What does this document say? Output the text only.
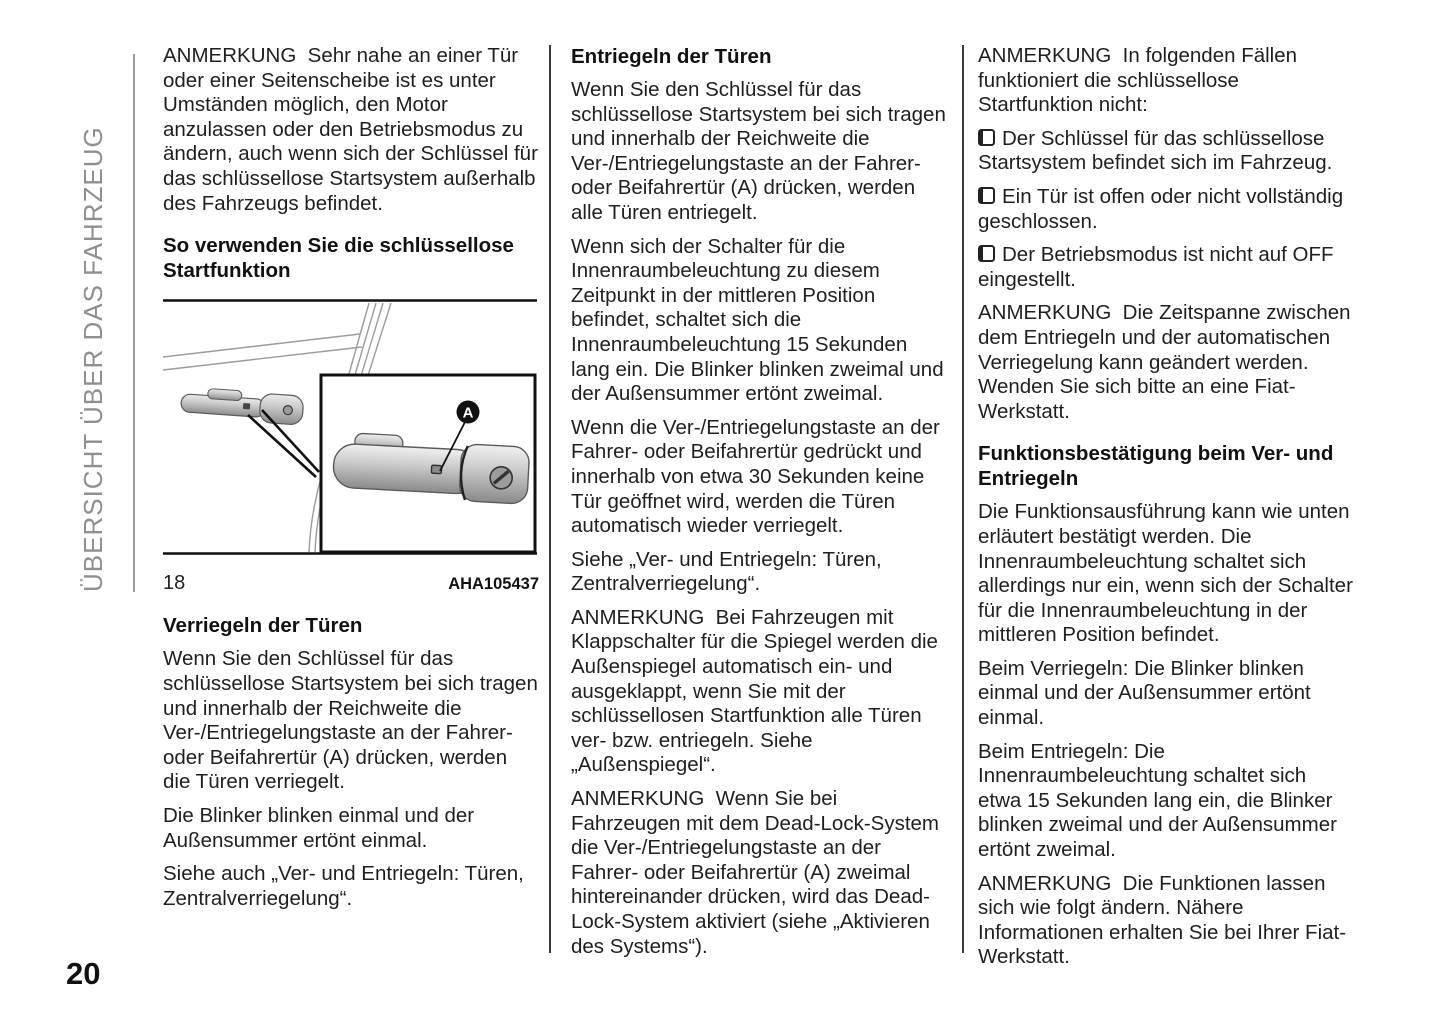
ÜBERSICHT ÜBER DAS FAHRZEUG

ANMERKUNG  Sehr nahe an einer Tür oder einer Seitenscheibe ist es unter Umständen möglich, den Motor anzulassen oder den Betriebsmodus zu ändern, auch wenn sich der Schlüssel für das schlüssellose Startsystem außerhalb des Fahrzeugs befindet.

So verwenden Sie die schlüssellose Startfunktion
A
18	AHA105437
Verriegeln der Türen

Wenn Sie den Schlüssel für das schlüssellose Startsystem bei sich tragen und innerhalb der Reichweite die Ver-/Entriegelungstaste an der Fahrer- oder Beifahrertür (A) drücken, werden die Türen verriegelt.

Die Blinker blinken einmal und der Außensummer ertönt einmal.

Siehe auch „Ver- und Entriegeln: Türen, Zentralverriegelung“.

Entriegeln der Türen

Wenn Sie den Schlüssel für das schlüssellose Startsystem bei sich tragen und innerhalb der Reichweite die Ver-/Entriegelungstaste an der Fahrer- oder Beifahrertür (A) drücken, werden alle Türen entriegelt.

Wenn sich der Schalter für die Innenraumbeleuchtung zu diesem Zeitpunkt in der mittleren Position befindet, schaltet sich die Innenraumbeleuchtung 15 Sekunden lang ein. Die Blinker blinken zweimal und der Außensummer ertönt zweimal.

Wenn die Ver-/Entriegelungstaste an der Fahrer- oder Beifahrertür gedrückt und innerhalb von etwa 30 Sekunden keine Tür geöffnet wird, werden die Türen automatisch wieder verriegelt.

Siehe „Ver- und Entriegeln: Türen, Zentralverriegelung“.

ANMERKUNG  Bei Fahrzeugen mit Klappschalter für die Spiegel werden die Außenspiegel automatisch ein- und ausgeklappt, wenn Sie mit der schlüssellosen Startfunktion alle Türen ver- bzw. entriegeln. Siehe „Außenspiegel“.

ANMERKUNG  Wenn Sie bei Fahrzeugen mit dem Dead-Lock-System die Ver-/Entriegelungstaste an der Fahrer- oder Beifahrertür (A) zweimal hintereinander drücken, wird das Dead-Lock-System aktiviert (siehe „Aktivieren des Systems“).

ANMERKUNG  In folgenden Fällen funktioniert die schlüssellose Startfunktion nicht:

Der Schlüssel für das schlüssellose Startsystem befindet sich im Fahrzeug.

Ein Tür ist offen oder nicht vollständig geschlossen.

Der Betriebsmodus ist nicht auf OFF eingestellt.

ANMERKUNG  Die Zeitspanne zwischen dem Entriegeln und der automatischen Verriegelung kann geändert werden. Wenden Sie sich bitte an eine Fiat-Werkstatt.

Funktionsbestätigung beim Ver- und Entriegeln

Die Funktionsausführung kann wie unten erläutert bestätigt werden. Die Innenraumbeleuchtung schaltet sich allerdings nur ein, wenn sich der Schalter für die Innenraumbeleuchtung in der mittleren Position befindet.

Beim Verriegeln: Die Blinker blinken einmal und der Außensummer ertönt einmal.

Beim Entriegeln: Die Innenraumbeleuchtung schaltet sich etwa 15 Sekunden lang ein, die Blinker blinken zweimal und der Außensummer ertönt zweimal.

ANMERKUNG  Die Funktionen lassen sich wie folgt ändern. Nähere Informationen erhalten Sie bei Ihrer Fiat-Werkstatt.

20
